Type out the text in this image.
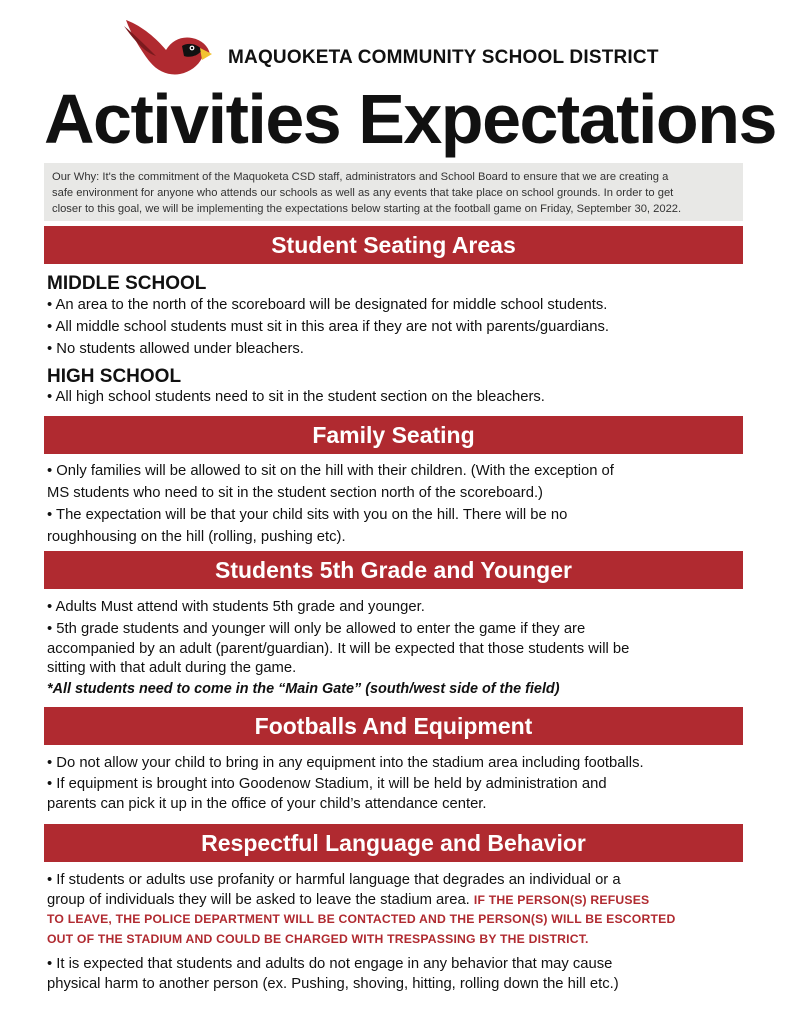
MAQUOKETA COMMUNITY SCHOOL DISTRICT
Activities Expectations
Our Why: It's the commitment of the Maquoketa CSD staff, administrators and School Board to ensure that we are creating a
safe environment for anyone who attends our schools as well as any events that take place on school grounds. In order to get
closer to this goal, we will be implementing the expectations below starting at the football game on Friday, September 30, 2022.
Student Seating Areas
MIDDLE SCHOOL
• An area to the north of the scoreboard will be designated for middle school students.
• All middle school students must sit in this area if they are not with parents/guardians.
• No students allowed under bleachers.
HIGH SCHOOL
• All high school students need to sit in the student section on the bleachers.
Family Seating
• Only families will be allowed to sit on the hill with their children. (With the exception of
MS students who need to sit in the student section north of the scoreboard.)
• The expectation will be that your child sits with you on the hill. There will be no
roughhousing on the hill (rolling, pushing etc).
Students 5th Grade and Younger
• Adults Must attend with students 5th grade and younger.
• 5th grade students and younger will only be allowed to enter the game if they are
accompanied by an adult (parent/guardian). It will be expected that those students will be
sitting with that adult during the game.
*All students need to come in the “Main Gate” (south/west side of the field)
Footballs And Equipment
• Do not allow your child to bring in any equipment into the stadium area including footballs.
• If equipment is brought into Goodenow Stadium, it will be held by administration and
parents can pick it up in the office of your child’s attendance center.
Respectful Language and Behavior
• If students or adults use profanity or harmful language that degrades an individual or a
group of individuals they will be asked to leave the stadium area. IF THE PERSON(S) REFUSES
TO LEAVE, THE POLICE DEPARTMENT WILL BE CONTACTED AND THE PERSON(S) WILL BE ESCORTED
OUT OF THE STADIUM AND COULD BE CHARGED WITH TRESPASSING BY THE DISTRICT.
• It is expected that students and adults do not engage in any behavior that may cause
physical harm to another person (ex. Pushing, shoving, hitting, rolling down the hill etc.)
